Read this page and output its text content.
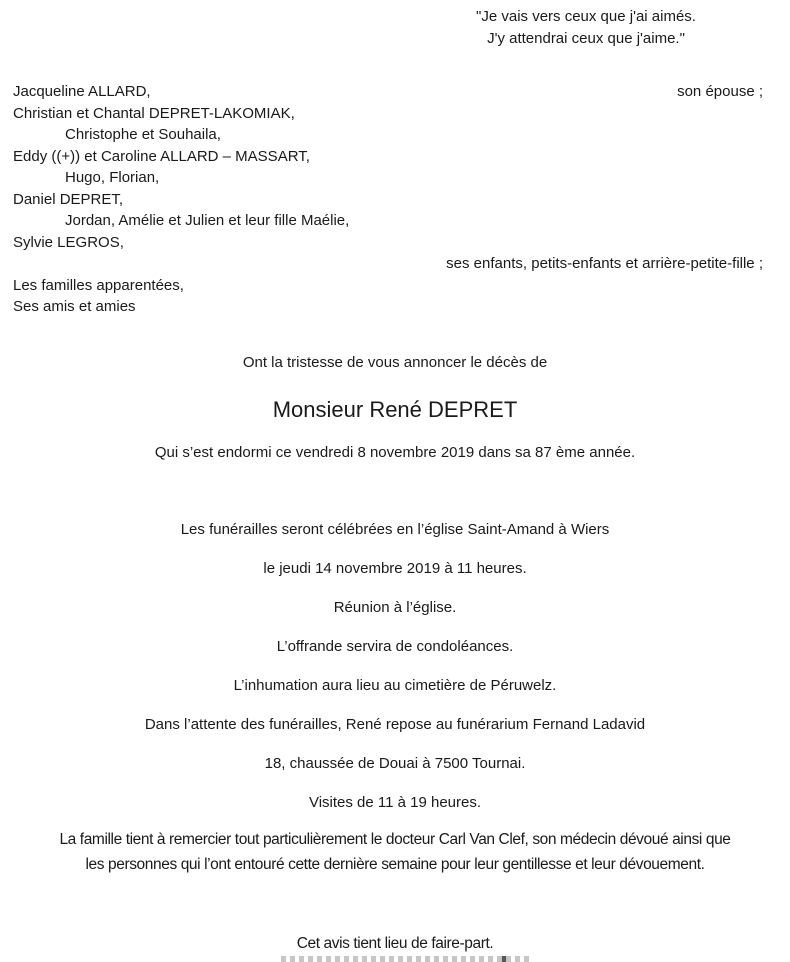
"Je vais vers ceux que j'ai aimés.
J'y attendrai ceux que j'aime."
Jacqueline ALLARD,	son épouse ;
Christian et Chantal DEPRET-LAKOMIAK,
Christophe et Souhaila,
Eddy ((+)) et Caroline ALLARD – MASSART,
Hugo, Florian,
Daniel DEPRET,
Jordan, Amélie et Julien et leur fille Maélie,
Sylvie LEGROS,
ses enfants, petits-enfants et arrière-petite-fille ;
Les familles apparentées,
Ses amis et amies
Ont la tristesse de vous annoncer le décès de
Monsieur René DEPRET
Qui s’est endormi ce vendredi 8 novembre 2019 dans sa 87 ème année.
Les funérailles seront célébrées en l’église Saint-Amand à Wiers
le jeudi 14 novembre 2019 à 11 heures.
Réunion à l’église.
L’offrande servira de condoléances.
L’inhumation aura lieu au cimetière de Péruwelz.
Dans l’attente des funérailles, René repose au funérarium Fernand Ladavid
18, chaussée de Douai à 7500 Tournai.
Visites de 11 à 19 heures.
La famille tient à remercier tout particulièrement le docteur Carl Van Clef, son médecin dévoué ainsi que
les personnes qui l’ont entouré cette dernière semaine pour leur gentillesse et leur dévouement.
Cet avis tient lieu de faire-part.
